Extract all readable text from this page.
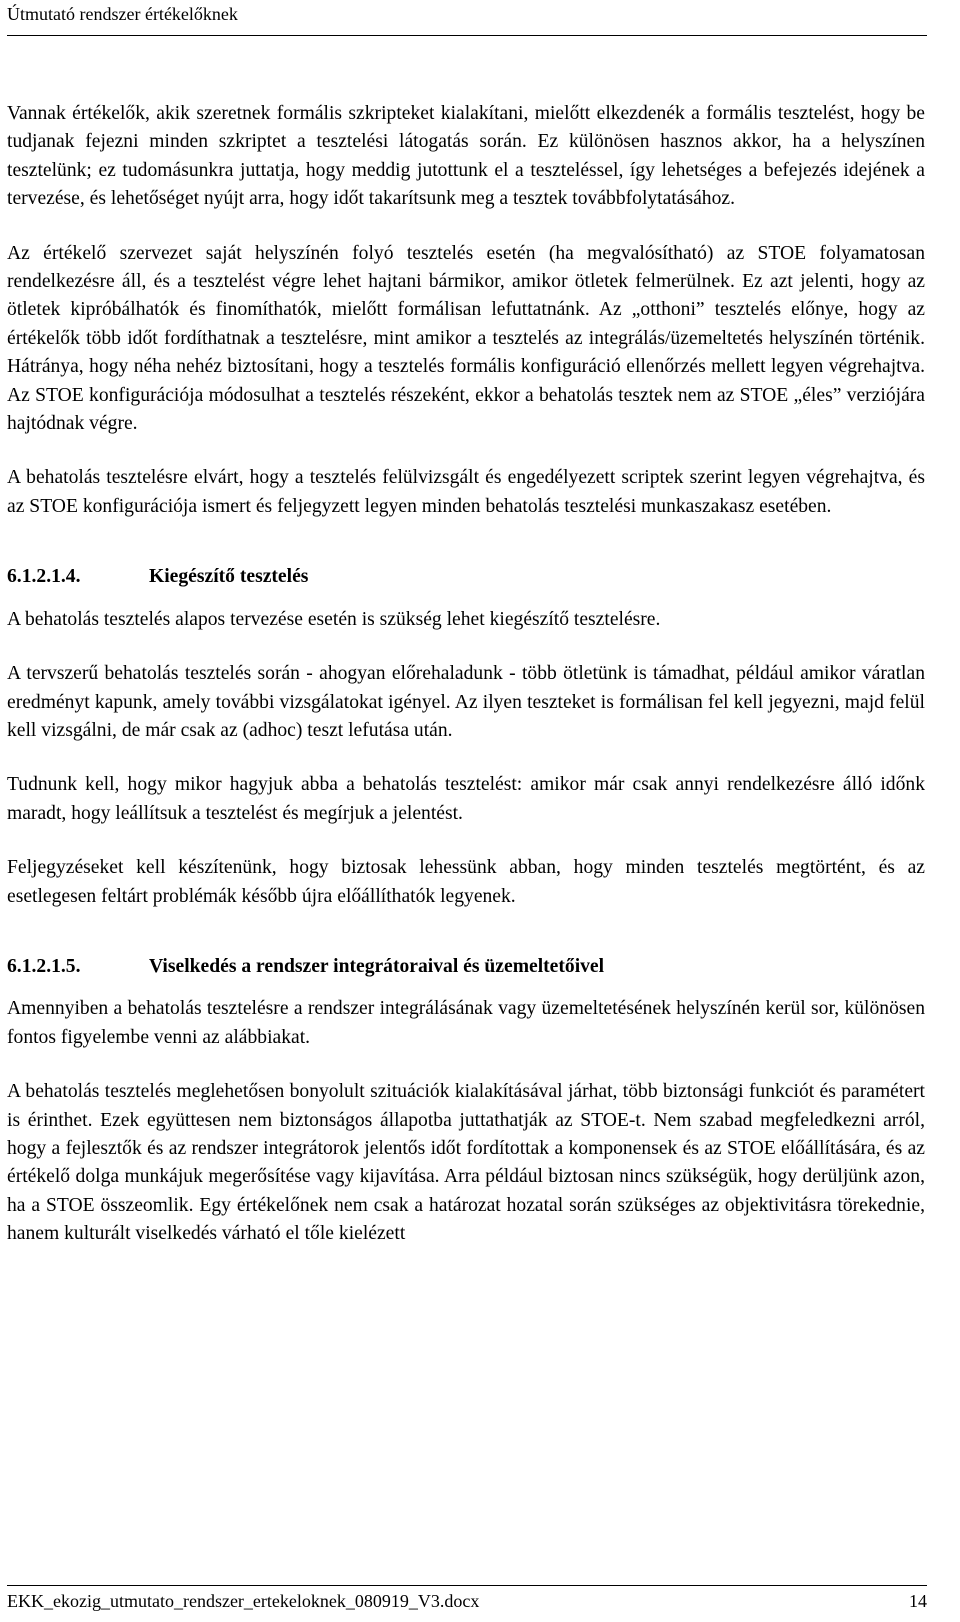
Útmutató rendszer értékelőknek

Vannak értékelők, akik szeretnek formális szkripteket kialakítani, mielőtt elkezdenék a formális tesztelést, hogy be tudjanak fejezni minden szkriptet a tesztelési látogatás során. Ez különösen hasznos akkor, ha a helyszínen tesztelünk; ez tudomásunkra juttatja, hogy meddig jutottunk el a teszteléssel, így lehetséges a befejezés idejének a tervezése, és lehetőséget nyújt arra, hogy időt takarítsunk meg a tesztek továbbfolytatásához.

Az értékelő szervezet saját helyszínén folyó tesztelés esetén (ha megvalósítható) az STOE folyamatosan rendelkezésre áll, és a tesztelést végre lehet hajtani bármikor, amikor ötletek felmerülnek. Ez azt jelenti, hogy az ötletek kipróbálhatók és finomíthatók, mielőtt formálisan lefuttatnánk. Az „otthoni” tesztelés előnye, hogy az értékelők több időt fordíthatnak a tesztelésre, mint amikor a tesztelés az integrálás/üzemeltetés helyszínén történik. Hátránya, hogy néha nehéz biztosítani, hogy a tesztelés formális konfiguráció ellenőrzés mellett legyen végrehajtva. Az STOE konfigurációja módosulhat a tesztelés részeként, ekkor a behatolás tesztek nem az STOE „éles” verziójára hajtódnak végre.

A behatolás tesztelésre elvárt, hogy a tesztelés felülvizsgált és engedélyezett scriptek szerint legyen végrehajtva, és az STOE konfigurációja ismert és feljegyzett legyen minden behatolás tesztelési munkaszakasz esetében.

6.1.2.1.4.	Kiegészítő tesztelés

A behatolás tesztelés alapos tervezése esetén is szükség lehet kiegészítő tesztelésre.

A tervszerű behatolás tesztelés során - ahogyan előrehaladunk - több ötletünk is támadhat, például amikor váratlan eredményt kapunk, amely további vizsgálatokat igényel. Az ilyen teszteket is formálisan fel kell jegyezni, majd felül kell vizsgálni, de már csak az (adhoc) teszt lefutása után.

Tudnunk kell, hogy mikor hagyjuk abba a behatolás tesztelést: amikor már csak annyi rendelkezésre álló időnk maradt, hogy leállítsuk a tesztelést és megírjuk a jelentést.

Feljegyzéseket kell készítenünk, hogy biztosak lehessünk abban, hogy minden tesztelés megtörtént, és az esetlegesen feltárt problémák később újra előállíthatók legyenek.

6.1.2.1.5.	Viselkedés a rendszer integrátoraival és üzemeltetőivel

Amennyiben a behatolás tesztelésre a rendszer integrálásának vagy üzemeltetésének helyszínén kerül sor, különösen fontos figyelembe venni az alábbiakat.

A behatolás tesztelés meglehetősen bonyolult szituációk kialakításával járhat, több biztonsági funkciót és paramétert is érinthet. Ezek együttesen nem biztonságos állapotba juttathatják az STOE-t. Nem szabad megfeledkezni arról, hogy a fejlesztők és az rendszer integrátorok jelentős időt fordítottak a komponensek és az STOE előállítására, és az értékelő dolga munkájuk megerősítése vagy kijavítása. Arra például biztosan nincs szükségük, hogy derüljünk azon, ha a STOE összeomlik. Egy értékelőnek nem csak a határozat hozatal során szükséges az objektivitásra törekednie, hanem kulturált viselkedés várható el tőle kielézett

EKK_ekozig_utmutato_rendszer_ertekeloknek_080919_V3.docx	14
